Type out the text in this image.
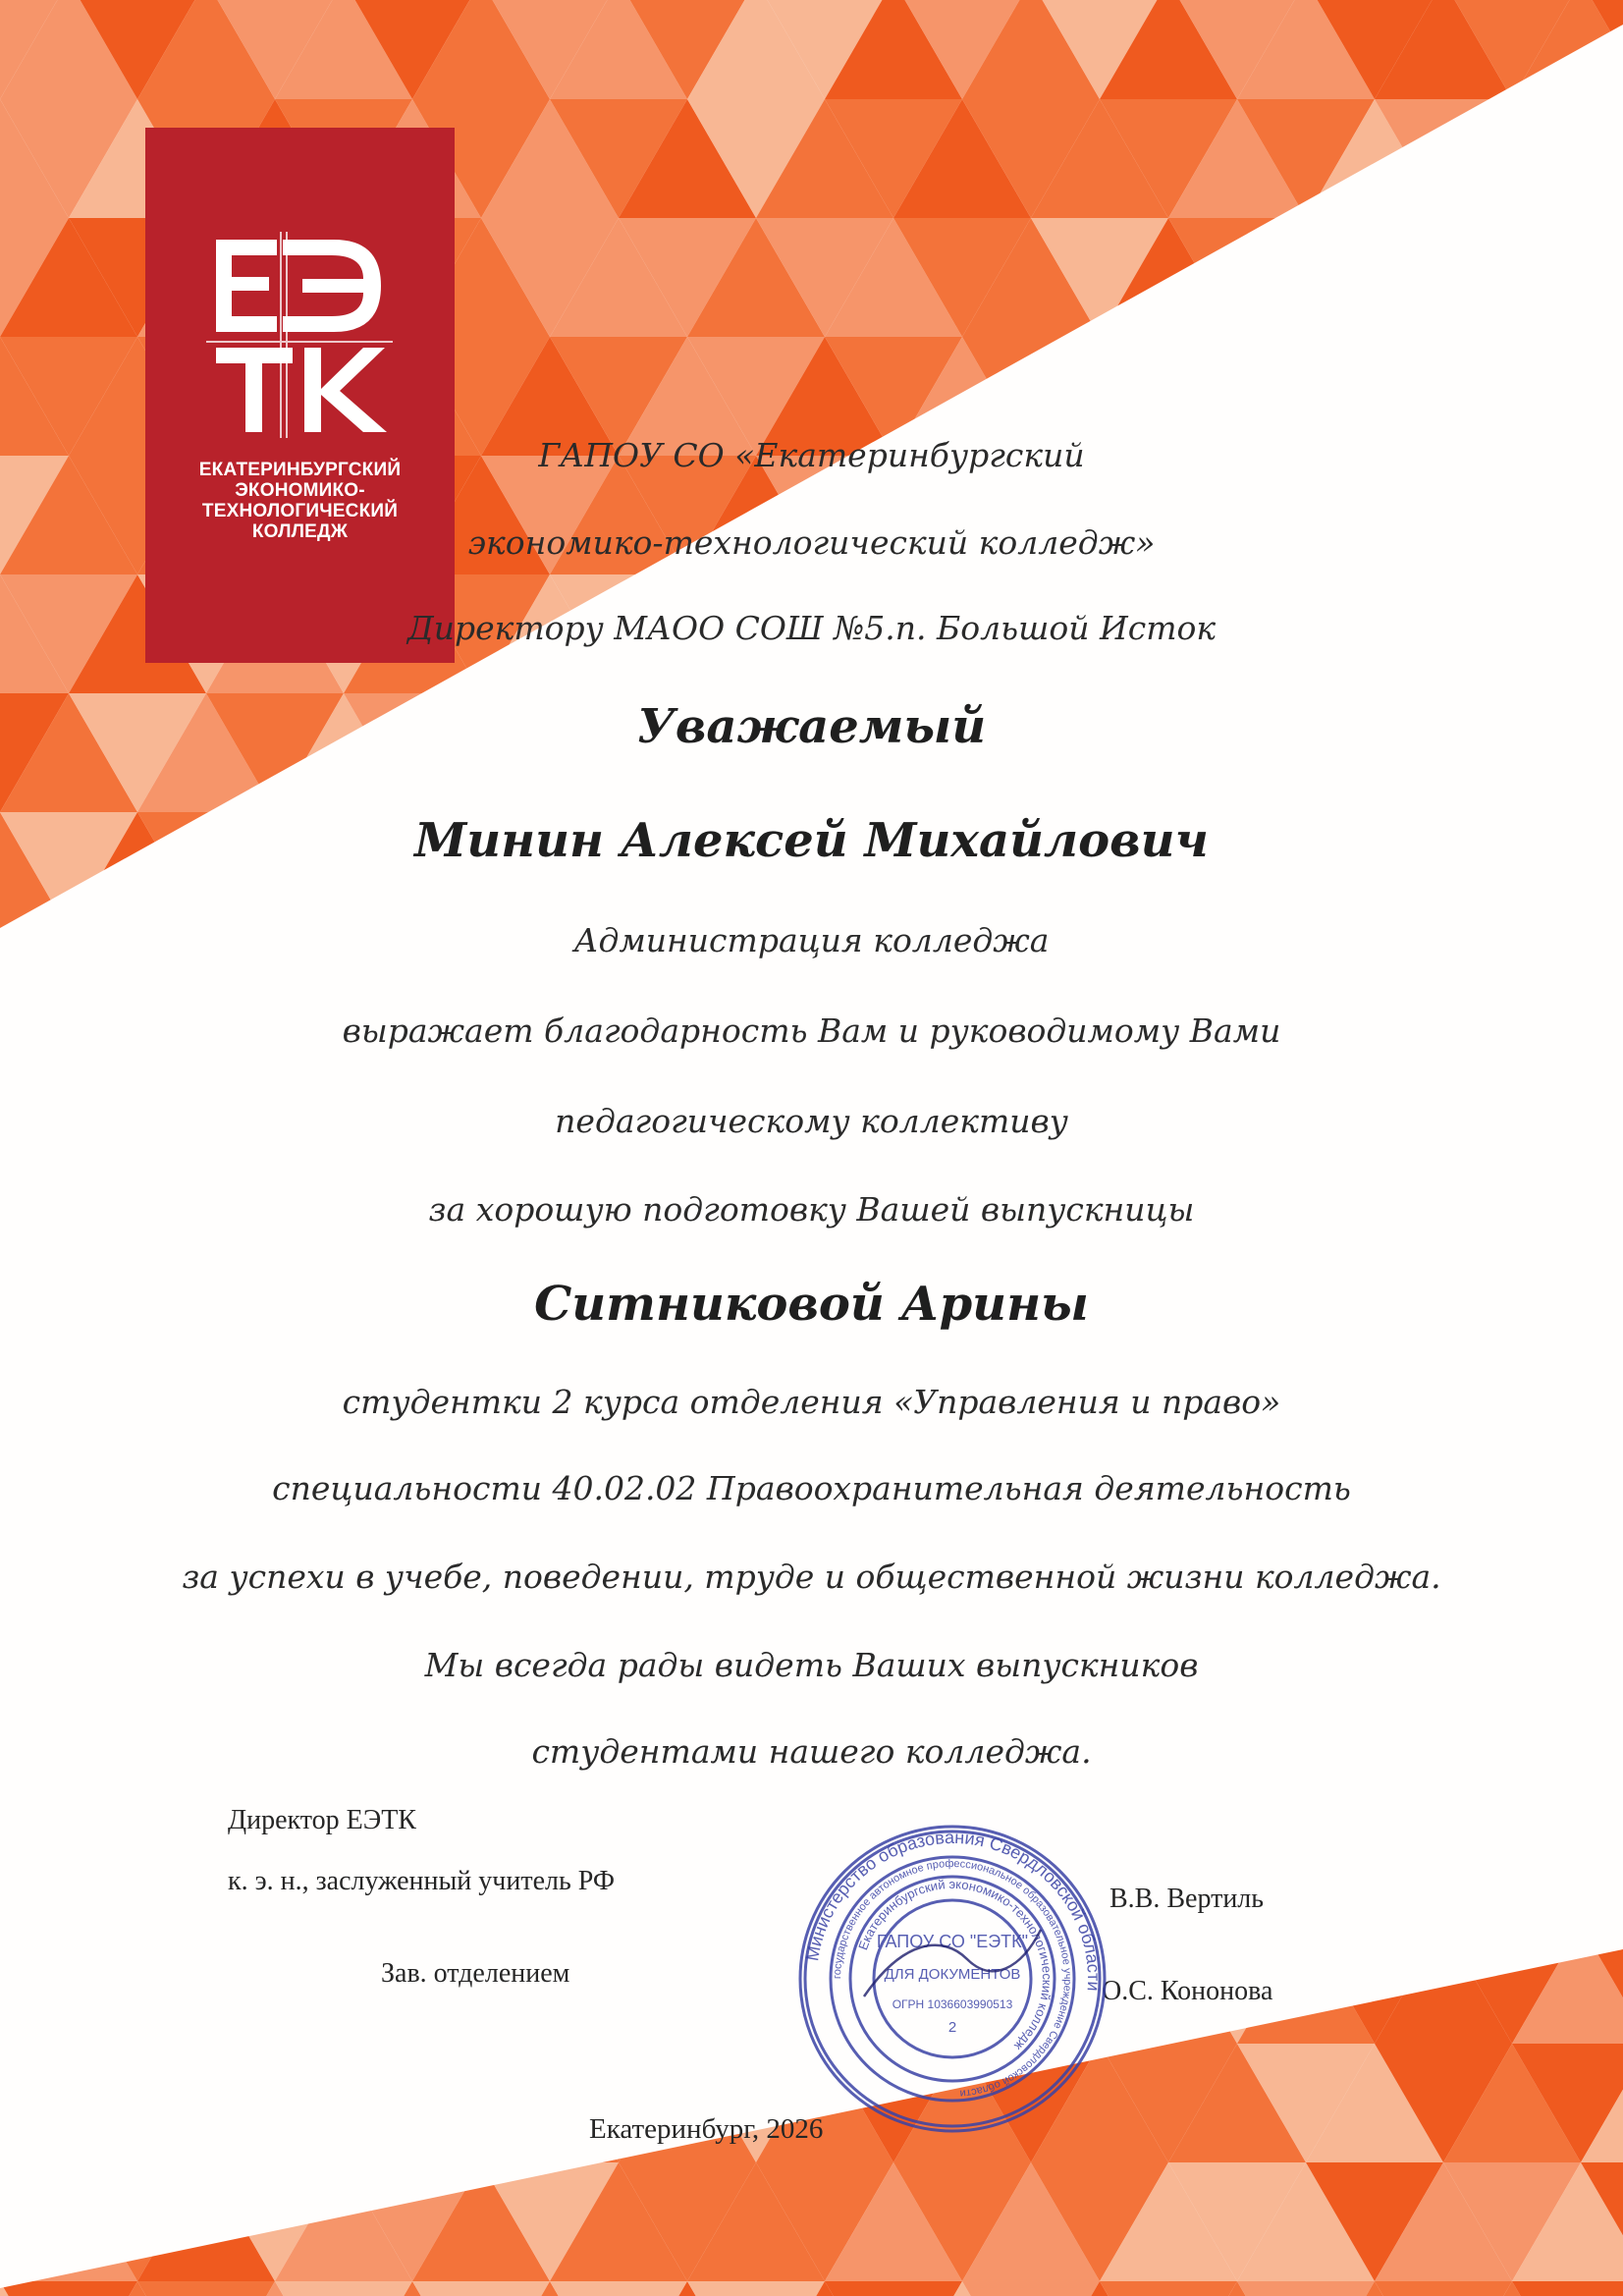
ЕКАТЕРИНБУРГСКИЙ
ЭКОНОМИКО-ТЕХНОЛОГИЧЕСКИЙ
КОЛЛЕДЖ
ГАПОУ СО «Екатеринбургский
экономико-технологический колледж»
Директору МАОО СОШ №5.п. Большой Исток
Уважаемый
Минин Алексей Михайлович
Администрация колледжа
выражает благодарность Вам и руководимому Вами
педагогическому коллективу
за хорошую подготовку Вашей выпускницы
Ситниковой Арины
студентки 2 курса отделения «Управления и право»
специальности 40.02.02 Правоохранительная деятельность
за успехи в учебе, поведении, труде и общественной жизни колледжа.
Мы всегда рады видеть Ваших выпускников
студентами нашего колледжа.
Директор ЕЭТК
к. э. н., заслуженный учитель РФ
В.В. Вертиль
Зав. отделением
О.С. Кононова
Министерство образования Свердловской области
государственное автономное профессиональное образовательное учреждение Свердловской области
Екатеринбургский экономико-технологический колледж
ГАПОУ СО "ЕЭТК"
ДЛЯ ДОКУМЕНТОВ
ОГРН 1036603990513
2
Екатеринбург, 2026
